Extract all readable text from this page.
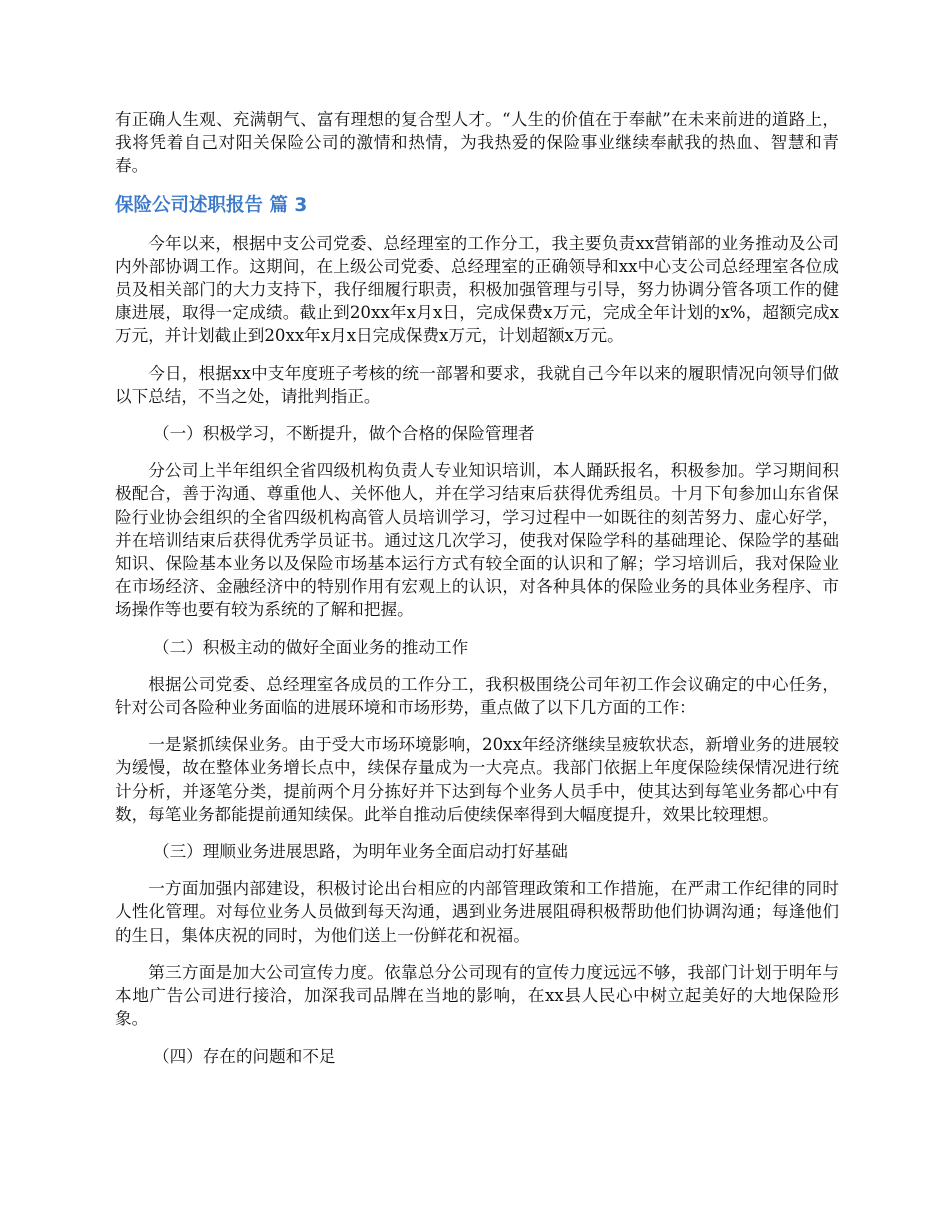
有正确人生观、充满朝气、富有理想的复合型人才。“人生的价值在于奉献”在未来前进的道路上，我将凭着自己对阳关保险公司的激情和热情，为我热爱的保险事业继续奉献我的热血、智慧和青春。

保险公司述职报告 篇 3

今年以来，根据中支公司党委、总经理室的工作分工，我主要负责xx营销部的业务推动及公司内外部协调工作。这期间，在上级公司党委、总经理室的正确领导和xx中心支公司总经理室各位成员及相关部门的大力支持下，我仔细履行职责，积极加强管理与引导，努力协调分管各项工作的健康进展，取得一定成绩。截止到20xx年x月x日，完成保费x万元，完成全年计划的x%，超额完成x万元，并计划截止到20xx年x月x日完成保费x万元，计划超额x万元。

今日，根据xx中支年度班子考核的统一部署和要求，我就自己今年以来的履职情况向领导们做以下总结，不当之处，请批判指正。

（一）积极学习，不断提升，做个合格的保险管理者

分公司上半年组织全省四级机构负责人专业知识培训，本人踊跃报名，积极参加。学习期间积极配合，善于沟通、尊重他人、关怀他人，并在学习结束后获得优秀组员。十月下旬参加山东省保险行业协会组织的全省四级机构高管人员培训学习，学习过程中一如既往的刻苦努力、虚心好学，并在培训结束后获得优秀学员证书。通过这几次学习，使我对保险学科的基础理论、保险学的基础知识、保险基本业务以及保险市场基本运行方式有较全面的认识和了解；学习培训后，我对保险业在市场经济、金融经济中的特别作用有宏观上的认识，对各种具体的保险业务的具体业务程序、市场操作等也要有较为系统的了解和把握。

（二）积极主动的做好全面业务的推动工作

根据公司党委、总经理室各成员的工作分工，我积极围绕公司年初工作会议确定的中心任务，针对公司各险种业务面临的进展环境和市场形势，重点做了以下几方面的工作：

一是紧抓续保业务。由于受大市场环境影响，20xx年经济继续呈疲软状态，新增业务的进展较为缓慢，故在整体业务增长点中，续保存量成为一大亮点。我部门依据上年度保险续保情况进行统计分析，并逐笔分类，提前两个月分拣好并下达到每个业务人员手中，使其达到每笔业务都心中有数，每笔业务都能提前通知续保。此举自推动后使续保率得到大幅度提升，效果比较理想。

（三）理顺业务进展思路，为明年业务全面启动打好基础

一方面加强内部建设，积极讨论出台相应的内部管理政策和工作措施，在严肃工作纪律的同时人性化管理。对每位业务人员做到每天沟通，遇到业务进展阻碍积极帮助他们协调沟通；每逢他们的生日，集体庆祝的同时，为他们送上一份鲜花和祝福。

第三方面是加大公司宣传力度。依靠总分公司现有的宣传力度远远不够，我部门计划于明年与本地广告公司进行接洽，加深我司品牌在当地的影响，在xx县人民心中树立起美好的大地保险形象。

（四）存在的问题和不足
